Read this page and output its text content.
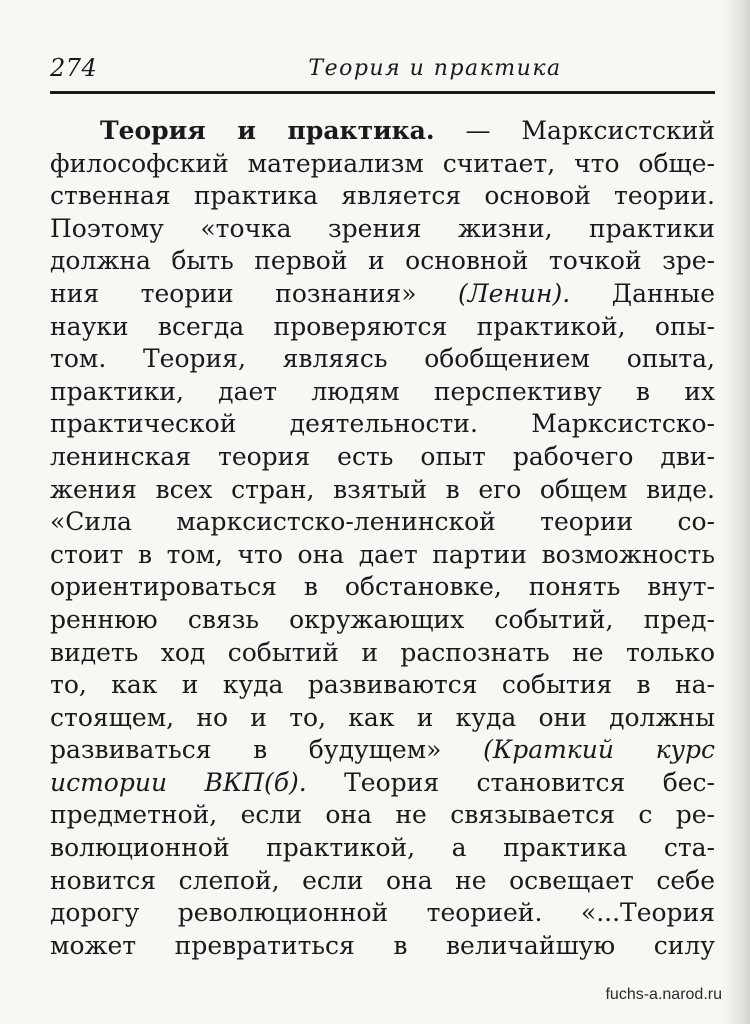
274	Теория и практика
Теория и практика. — Марксистский
философский материализм считает, что обще-
ственная практика является основой теории.
Поэтому «точка зрения жизни, практики
должна быть первой и основной точкой зре-
ния теории познания» (Ленин). Данные
науки всегда проверяются практикой, опы-
том. Теория, являясь обобщением опыта,
практики, дает людям перспективу в их
практической деятельности. Марксистско-
ленинская теория есть опыт рабочего дви-
жения всех стран, взятый в его общем виде.
«Сила марксистско-ленинской теории со-
стоит в том, что она дает партии возможность
ориентироваться в обстановке, понять внут-
реннюю связь окружающих событий, пред-
видеть ход событий и распознать не только
то, как и куда развиваются события в на-
стоящем, но и то, как и куда они должны
развиваться в будущем» (Краткий курс
истории ВКП(б). Теория становится бес-
предметной, если она не связывается с ре-
волюционной практикой, а практика ста-
новится слепой, если она не освещает себе
дорогу революционной теорией. «...Теория
может превратиться в величайшую силу
fuchs-a.narod.ru
